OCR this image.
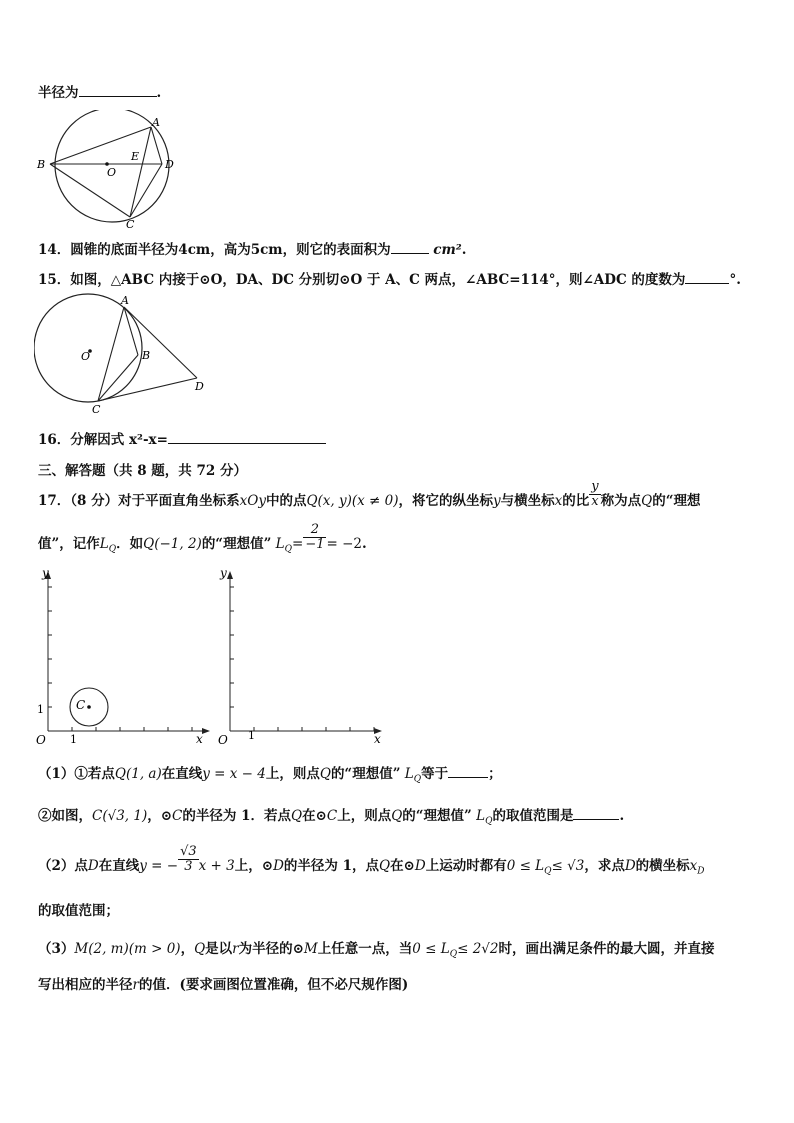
半径为	.
A
B
O
E
D
C
14．圆锥的底面半径为4cm，高为5cm，则它的表面积为	cm².
15．如图，△ABC 内接于⊙O，DA、DC 分别切⊙O 于 A、C 两点，∠ABC=114°，则∠ADC 的度数为	°.
A
O	B
D
C
16．分解因式 x²-x=
三、解答题（共 8 题，共 72 分）
17．（8 分）对于平面直角坐标系xOy中的点Q(x, y)(x ≠ 0)，将它的纵坐标y与横坐标x的比 $\frac{y}{x}$ 称为点Q的“理想
值”，记作$L_Q$．如Q(−1, 2)的“理想值” $L_Q= \frac{2}{-1} = -2$.
C
y
x
O 1
1
y
x
O 1
（1）①若点Q(1, a)在直线y = x − 4上，则点Q的“理想值” $L_Q$等于	；
②如图，C(√3, 1)，⊙C的半径为 1．若点Q在⊙C上，则点Q的“理想值” $L_Q$的取值范围是	.
（2）点D在直线y = − $\frac{√3}{3}$ x + 3上，⊙D的半径为 1，点Q在⊙D上运动时都有$0 \le L_Q\le √3$，求点D的横坐标$x_D$
的取值范围；
（3）M(2, m)(m > 0)，Q是以r为半径的⊙M上任意一点，当$0 \le L_Q\le 2√2$时，画出满足条件的最大圆，并直接
写出相应的半径r的值．(要求画图位置准确，但不必尺规作图)
